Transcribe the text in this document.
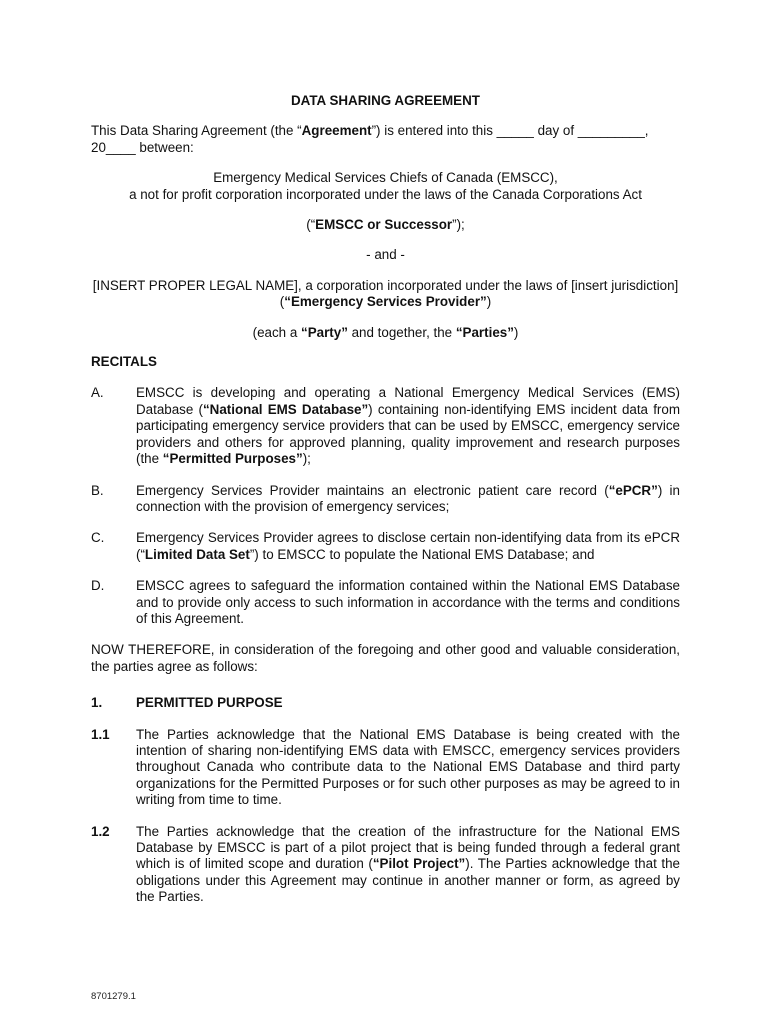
DATA SHARING AGREEMENT

This Data Sharing Agreement (the “Agreement”) is entered into this _____ day of _________, 20____ between:

Emergency Medical Services Chiefs of Canada (EMSCC),

a not for profit corporation incorporated under the laws of the Canada Corporations Act

(“EMSCC or Successor”);

- and -

[INSERT PROPER LEGAL NAME], a corporation incorporated under the laws of [insert jurisdiction]

(“Emergency Services Provider”)

(each a “Party” and together, the “Parties”)

RECITALS

A.	EMSCC is developing and operating a National Emergency Medical Services (EMS) Database (“National EMS Database”) containing non-identifying EMS incident data from participating emergency service providers that can be used by EMSCC, emergency service providers and others for approved planning, quality improvement and research purposes (the “Permitted Purposes”);
B.	Emergency Services Provider maintains an electronic patient care record (“ePCR”) in connection with the provision of emergency services;
C.	Emergency Services Provider agrees to disclose certain non-identifying data from its ePCR (“Limited Data Set”) to EMSCC to populate the National EMS Database; and
D.	EMSCC agrees to safeguard the information contained within the National EMS Database and to provide only access to such information in accordance with the terms and conditions of this Agreement.

NOW THEREFORE, in consideration of the foregoing and other good and valuable consideration, the parties agree as follows:

1.	PERMITTED PURPOSE
1.1	The Parties acknowledge that the National EMS Database is being created with the intention of sharing non-identifying EMS data with EMSCC, emergency services providers throughout Canada who contribute data to the National EMS Database and third party organizations for the Permitted Purposes or for such other purposes as may be agreed to in writing from time to time.
1.2	The Parties acknowledge that the creation of the infrastructure for the National EMS Database by EMSCC is part of a pilot project that is being funded through a federal grant which is of limited scope and duration (“Pilot Project”). The Parties acknowledge that the obligations under this Agreement may continue in another manner or form, as agreed by the Parties.
8701279.1
